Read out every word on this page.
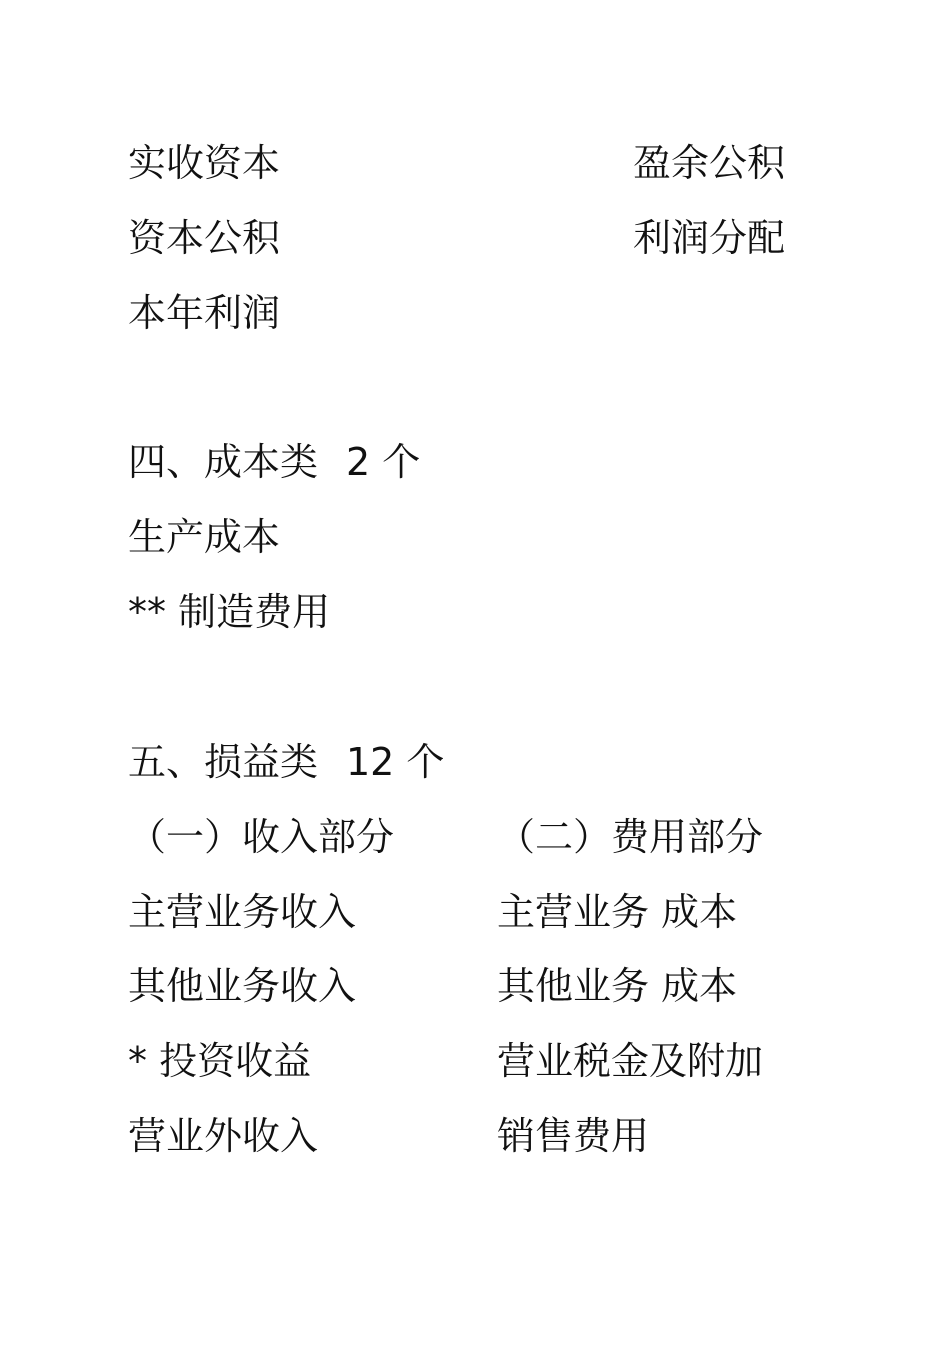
实收资本	盈余公积
资本公积	利润分配
本年利润
四、成本类 2 个
生产成本
** 制造费用
五、损益类 12 个
（一）收入部分	（二）费用部分
主营业务收入	主营业务 成本
其他业务收入	其他业务 成本
* 投资收益	营业税金及附加
营业外收入	销售费用
